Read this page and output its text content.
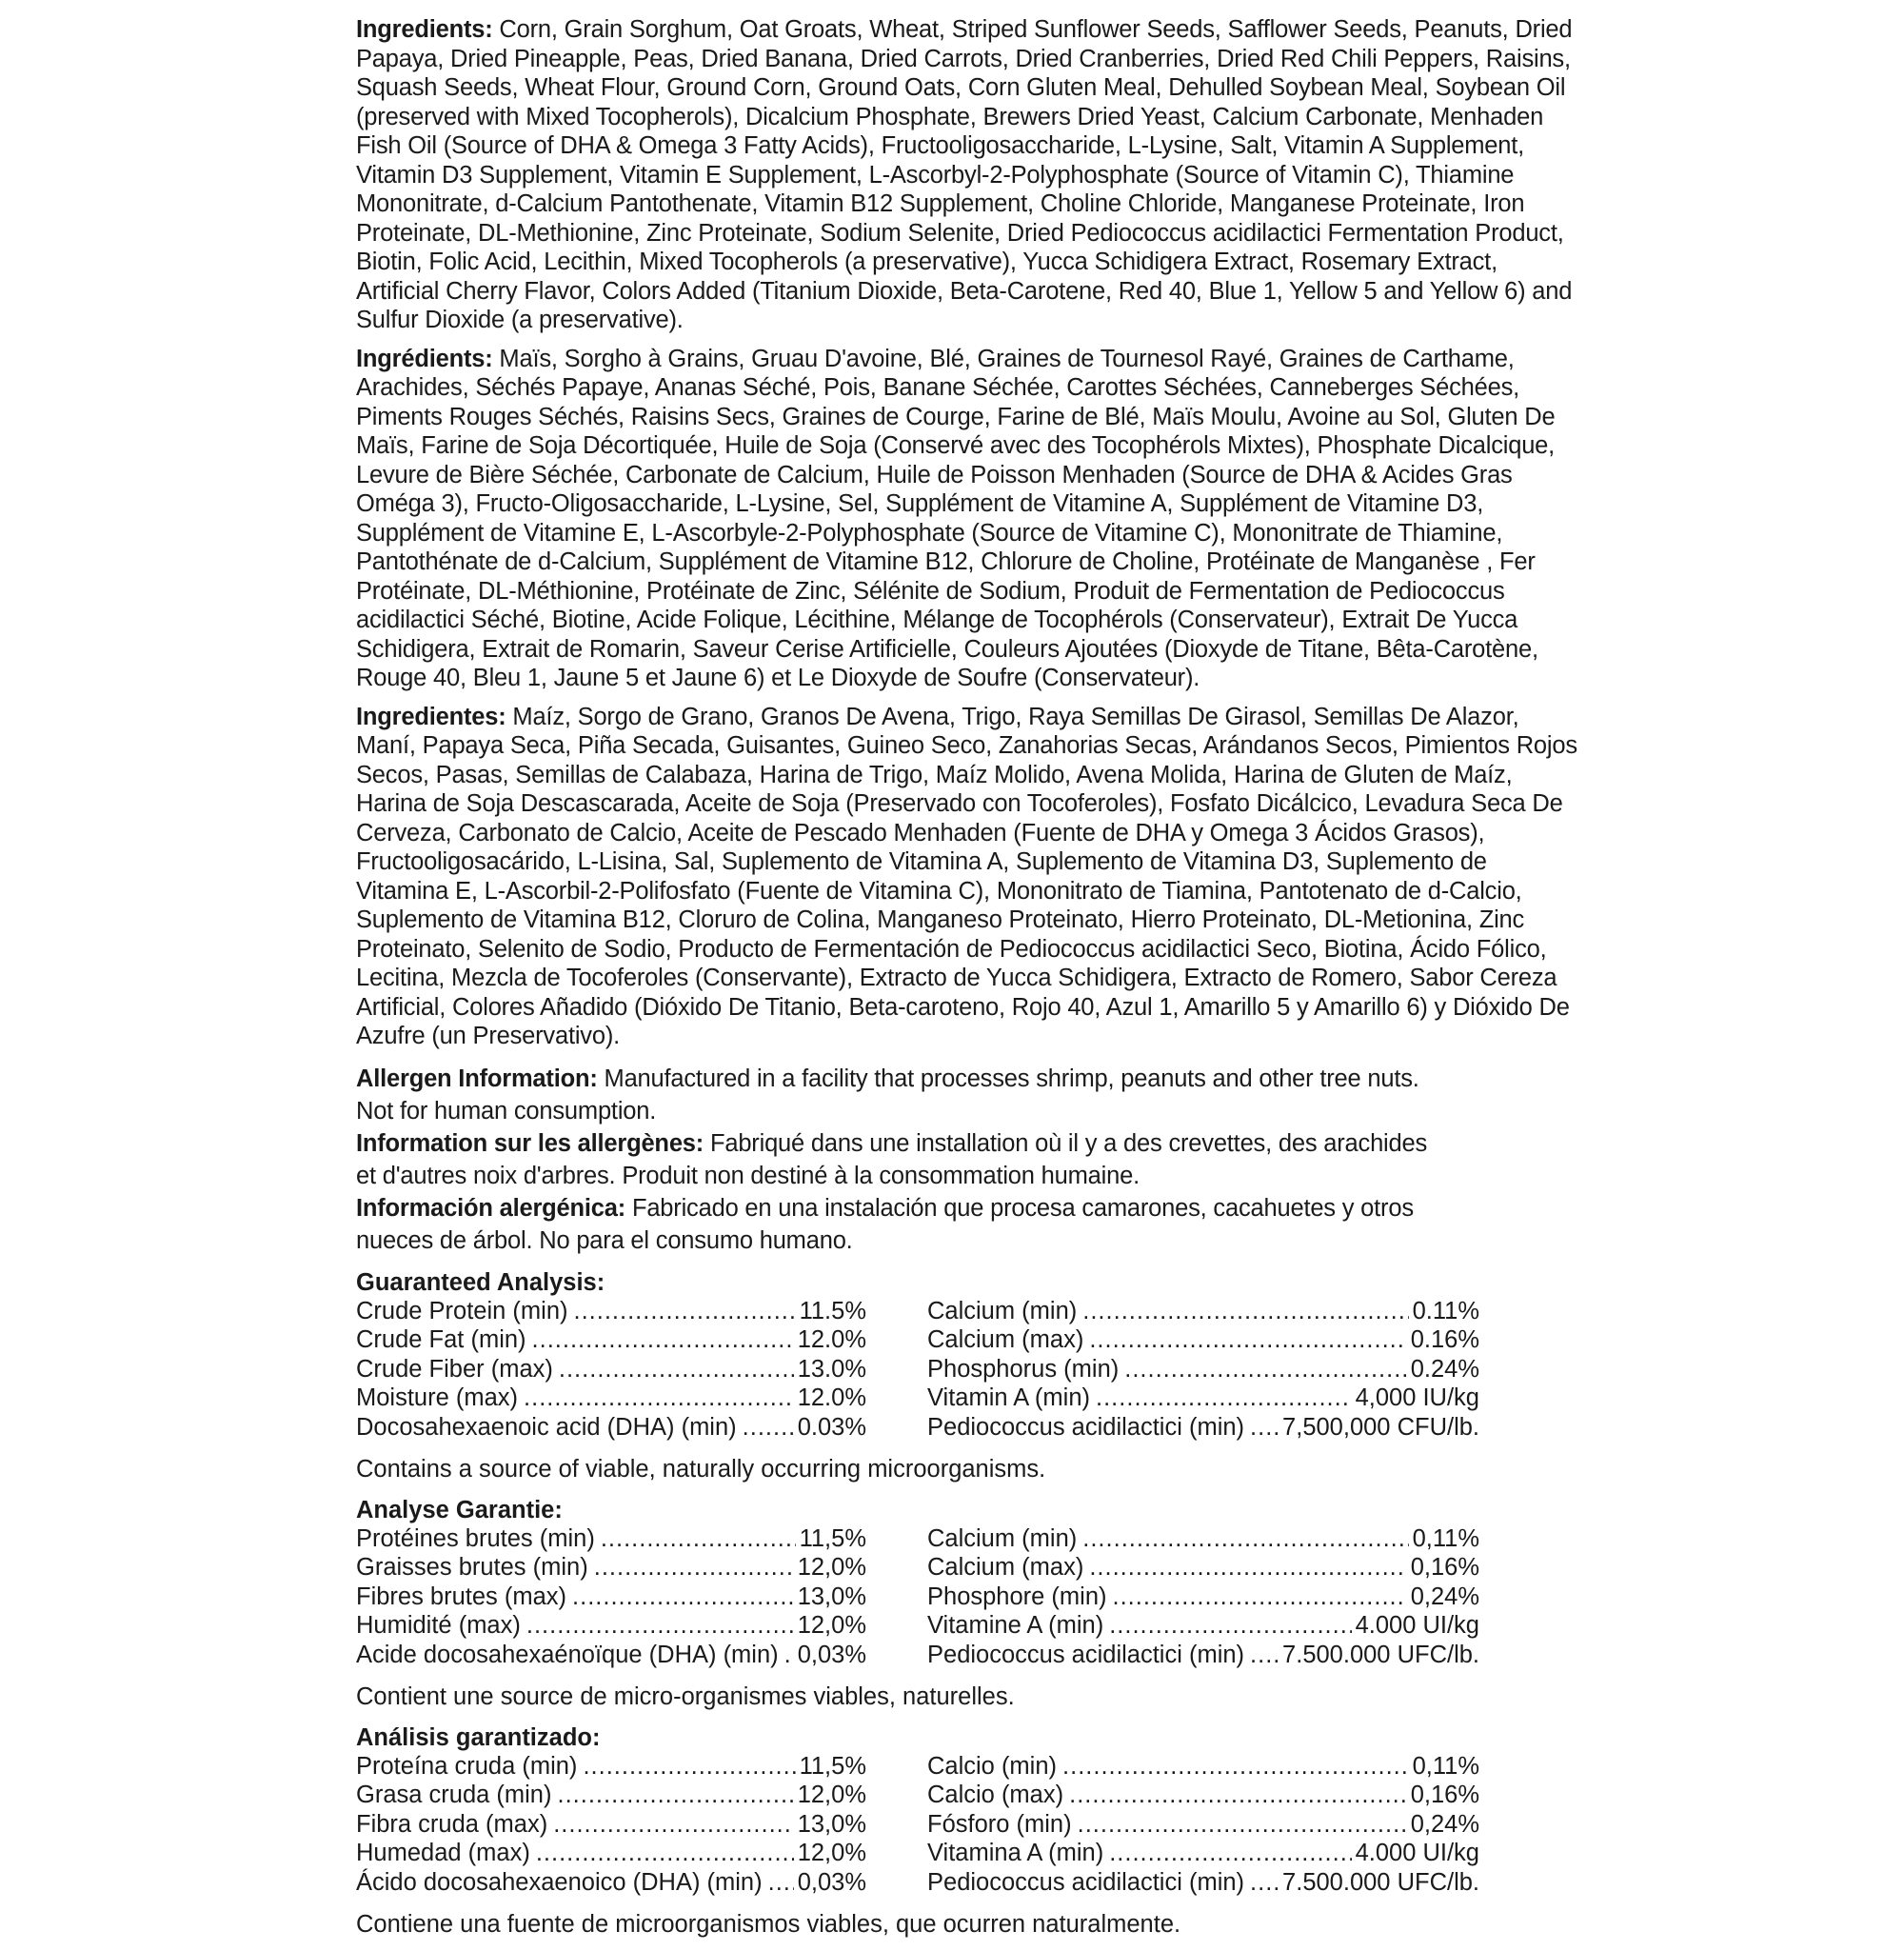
Ingredients: Corn, Grain Sorghum, Oat Groats, Wheat, Striped Sunflower Seeds, Safflower Seeds, Peanuts, Dried Papaya, Dried Pineapple, Peas, Dried Banana, Dried Carrots, Dried Cranberries, Dried Red Chili Peppers, Raisins, Squash Seeds, Wheat Flour, Ground Corn, Ground Oats, Corn Gluten Meal, Dehulled Soybean Meal, Soybean Oil (preserved with Mixed Tocopherols), Dicalcium Phosphate, Brewers Dried Yeast, Calcium Carbonate, Menhaden Fish Oil (Source of DHA & Omega 3 Fatty Acids), Fructooligosaccharide, L-Lysine, Salt, Vitamin A Supplement, Vitamin D3 Supplement, Vitamin E Supplement, L-Ascorbyl-2-Polyphosphate (Source of Vitamin C), Thiamine Mononitrate, d-Calcium Pantothenate, Vitamin B12 Supplement, Choline Chloride, Manganese Proteinate, Iron Proteinate, DL-Methionine, Zinc Proteinate, Sodium Selenite, Dried Pediococcus acidilactici Fermentation Product, Biotin, Folic Acid, Lecithin, Mixed Tocopherols (a preservative), Yucca Schidigera Extract, Rosemary Extract, Artificial Cherry Flavor, Colors Added (Titanium Dioxide, Beta-Carotene, Red 40, Blue 1, Yellow 5 and Yellow 6) and Sulfur Dioxide (a preservative).

Ingrédients: Maïs, Sorgho à Grains, Gruau D'avoine, Blé, Graines de Tournesol Rayé, Graines de Carthame, Arachides, Séchés Papaye, Ananas Séché, Pois, Banane Séchée, Carottes Séchées, Canneberges Séchées, Piments Rouges Séchés, Raisins Secs, Graines de Courge, Farine de Blé, Maïs Moulu, Avoine au Sol, Gluten De Maïs, Farine de Soja Décortiquée, Huile de Soja (Conservé avec des Tocophérols Mixtes), Phosphate Dicalcique, Levure de Bière Séchée, Carbonate de Calcium, Huile de Poisson Menhaden (Source de DHA & Acides Gras Oméga 3), Fructo-Oligosaccharide, L-Lysine, Sel, Supplément de Vitamine A, Supplément de Vitamine D3, Supplément de Vitamine E, L-Ascorbyle-2-Polyphosphate (Source de Vitamine C), Mononitrate de Thiamine, Pantothénate de d-Calcium, Supplément de Vitamine B12, Chlorure de Choline, Protéinate de Manganèse , Fer Protéinate, DL-Méthionine, Protéinate de Zinc, Sélénite de Sodium, Produit de Fermentation de Pediococcus acidilactici Séché, Biotine, Acide Folique, Lécithine, Mélange de Tocophérols (Conservateur), Extrait De Yucca Schidigera, Extrait de Romarin, Saveur Cerise Artificielle, Couleurs Ajoutées (Dioxyde de Titane, Bêta-Carotène, Rouge 40, Bleu 1, Jaune 5 et Jaune 6) et Le Dioxyde de Soufre (Conservateur).

Ingredientes: Maíz, Sorgo de Grano, Granos De Avena, Trigo, Raya Semillas De Girasol, Semillas De Alazor, Maní, Papaya Seca, Piña Secada, Guisantes, Guineo Seco, Zanahorias Secas, Arándanos Secos, Pimientos Rojos Secos, Pasas, Semillas de Calabaza, Harina de Trigo, Maíz Molido, Avena Molida, Harina de Gluten de Maíz, Harina de Soja Descascarada, Aceite de Soja (Preservado con Tocoferoles), Fosfato Dicálcico, Levadura Seca De Cerveza, Carbonato de Calcio, Aceite de Pescado Menhaden (Fuente de DHA y Omega 3 Ácidos Grasos), Fructooligosacárido, L-Lisina, Sal, Suplemento de Vitamina A, Suplemento de Vitamina D3, Suplemento de Vitamina E, L-Ascorbil-2-Polifosfato (Fuente de Vitamina C), Mononitrato de Tiamina, Pantotenato de d-Calcio, Suplemento de Vitamina B12, Cloruro de Colina, Manganeso Proteinato, Hierro Proteinato, DL-Metionina, Zinc Proteinato, Selenito de Sodio, Producto de Fermentación de Pediococcus acidilactici Seco, Biotina, Ácido Fólico, Lecitina, Mezcla de Tocoferoles (Conservante), Extracto de Yucca Schidigera, Extracto de Romero, Sabor Cereza Artificial, Colores Añadido (Dióxido De Titanio, Beta-caroteno, Rojo 40, Azul 1, Amarillo 5 y Amarillo 6) y Dióxido De Azufre (un Preservativo).

Allergen Information: Manufactured in a facility that processes shrimp, peanuts and other tree nuts. Not for human consumption.

Information sur les allergènes: Fabriqué dans une installation où il y a des crevettes, des arachides et d'autres noix d'arbres. Produit non destiné à la consommation humaine.

Información alergénica: Fabricado en una instalación que procesa camarones, cacahuetes y otros nueces de árbol. No para el consumo humano.

Guaranteed Analysis:

Crude Protein (min) .....	11.5%
Crude Fat (min) .....	12.0%
Crude Fiber (max) .....	13.0%
Moisture (max) .....	12.0%
Docosahexaenoic acid (DHA) (min) .....	0.03%
Calcium (min) .....	0.11%
Calcium (max) .....	0.16%
Phosphorus (min) .....	0.24%
Vitamin A (min) .....	4,000 IU/kg
Pediococcus acidilactici (min) ..... 7,500,000 CFU/lb.

Contains a source of viable, naturally occurring microorganisms.

Analyse Garantie:

Protéines brutes (min) .....	11,5%
Graisses brutes (min) .....	12,0%
Fibres brutes (max) .....	13,0%
Humidité (max) .....	12,0%
Acide docosahexaénoïque (DHA) (min) ..... 0,03%
Calcium (min) .....	0,11%
Calcium (max) .....	0,16%
Phosphore (min) .....	0,24%
Vitamine A (min) .....	4.000 UI/kg
Pediococcus acidilactici (min) ..... 7.500.000 UFC/lb.

Contient une source de micro-organismes viables, naturelles.

Análisis garantizado:

Proteína cruda (min) .....	11,5%
Grasa cruda (min) .....	12,0%
Fibra cruda (max) .....	13,0%
Humedad (max) .....	12,0%
Ácido docosahexaenoico (DHA) (min) ..... 0,03%
Calcio (min) .....	0,11%
Calcio (max) .....	0,16%
Fósforo (min) .....	0,24%
Vitamina A (min) .....	4.000 UI/kg
Pediococcus acidilactici (min) ..... 7.500.000 UFC/lb.

Contiene una fuente de microorganismos viables, que ocurren naturalmente.
